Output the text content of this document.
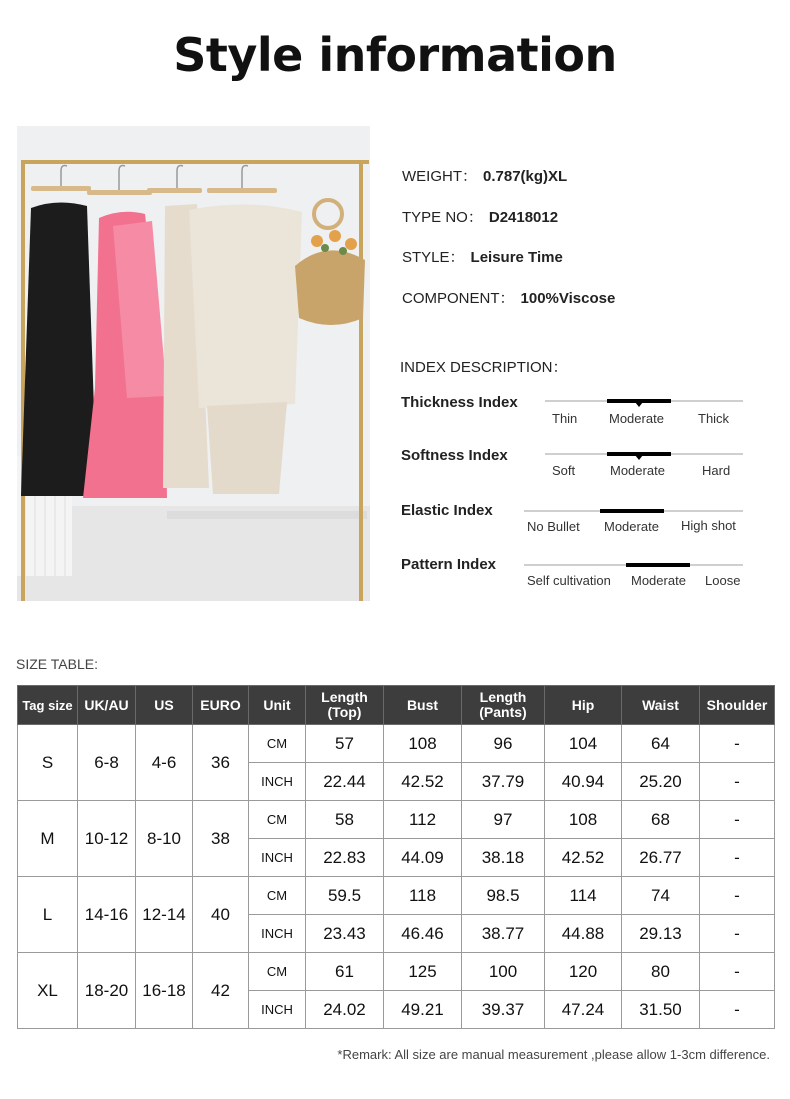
Style information
WEIGHT： 0.787(kg)XL
TYPE NO： D2418012
STYLE： Leisure Time
COMPONENT： 100%Viscose
INDEX DESCRIPTION：
Thickness Index
Thin Moderate	Thick
Softness Index
Soft	Moderate	Hard
Elastic Index
No Bullet Moderate High shot
Pattern Index
Self cultivation Moderate Loose
SIZE TABLE:
Tag size	UK/AU	US	EURO	Unit	Length (Top)	Bust	Length (Pants)	Hip	Waist	Shoulder
S	6-8	4-6	36	CM	57	108	96	104	64	-
				INCH	22.44	42.52	37.79	40.94	25.20	-
M	10-12	8-10	38	CM	58	112	97	108	68	-
				INCH	22.83	44.09	38.18	42.52	26.77	-
L	14-16	12-14	40	CM	59.5	118	98.5	114	74	-
				INCH	23.43	46.46	38.77	44.88	29.13	-
XL	18-20	16-18	42	CM	61	125	100	120	80	-
				INCH	24.02	49.21	39.37	47.24	31.50	-
*Remark: All size are manual measurement ,please allow 1-3cm difference.
